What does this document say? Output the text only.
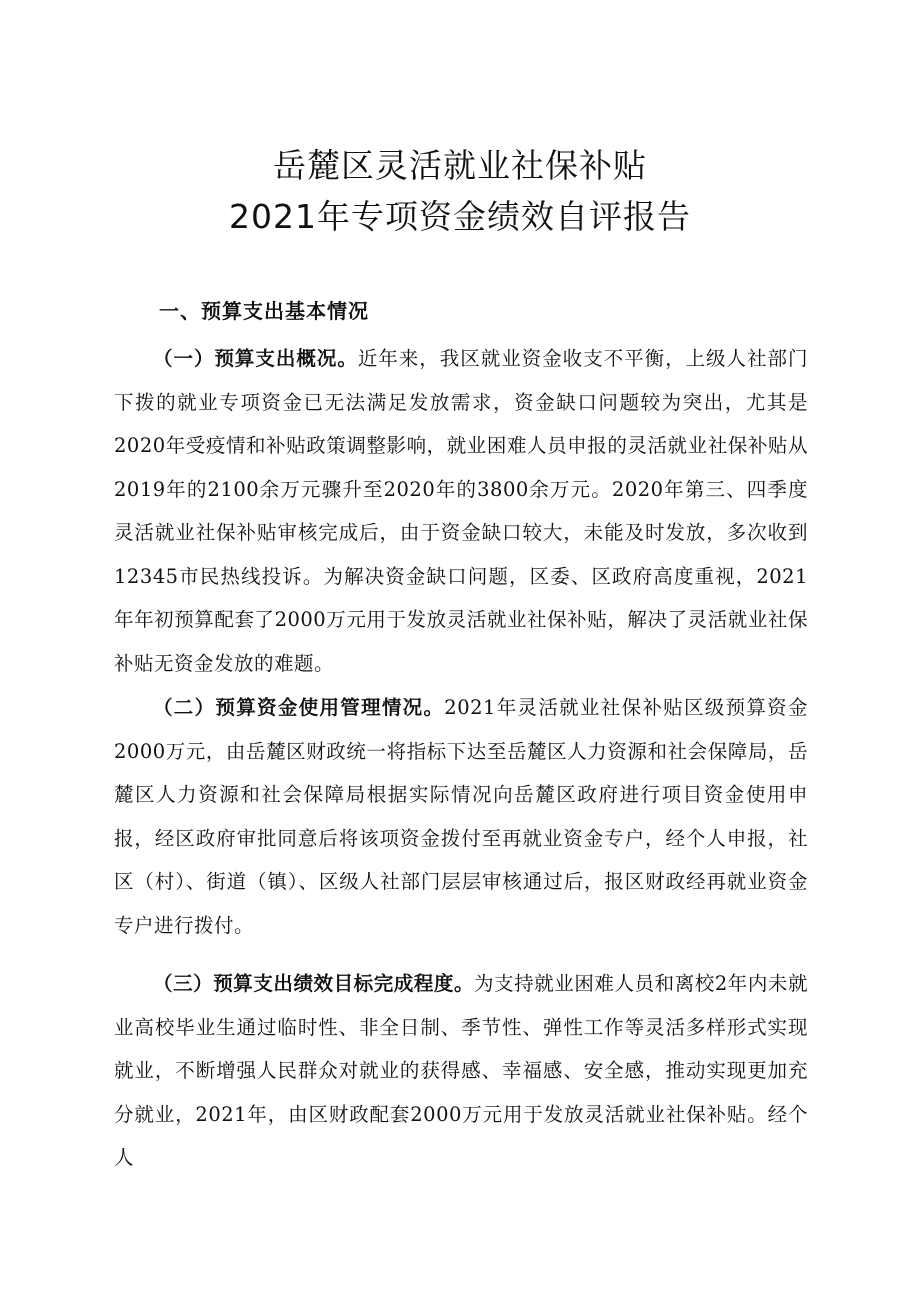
岳麓区灵活就业社保补贴
2021年专项资金绩效自评报告
一、预算支出基本情况

（一）预算支出概况。近年来，我区就业资金收支不平衡，上级人社部门下拨的就业专项资金已无法满足发放需求，资金缺口问题较为突出，尤其是2020年受疫情和补贴政策调整影响，就业困难人员申报的灵活就业社保补贴从2019年的2100余万元骤升至2020年的3800余万元。2020年第三、四季度灵活就业社保补贴审核完成后，由于资金缺口较大，未能及时发放，多次收到12345市民热线投诉。为解决资金缺口问题，区委、区政府高度重视，2021年年初预算配套了2000万元用于发放灵活就业社保补贴，解决了灵活就业社保补贴无资金发放的难题。

（二）预算资金使用管理情况。2021年灵活就业社保补贴区级预算资金2000万元，由岳麓区财政统一将指标下达至岳麓区人力资源和社会保障局，岳麓区人力资源和社会保障局根据实际情况向岳麓区政府进行项目资金使用申报，经区政府审批同意后将该项资金拨付至再就业资金专户，经个人申报，社区（村）、街道（镇）、区级人社部门层层审核通过后，报区财政经再就业资金专户进行拨付。

（三）预算支出绩效目标完成程度。为支持就业困难人员和离校2年内未就业高校毕业生通过临时性、非全日制、季节性、弹性工作等灵活多样形式实现就业，不断增强人民群众对就业的获得感、幸福感、安全感，推动实现更加充分就业，2021年，由区财政配套2000万元用于发放灵活就业社保补贴。经个人
